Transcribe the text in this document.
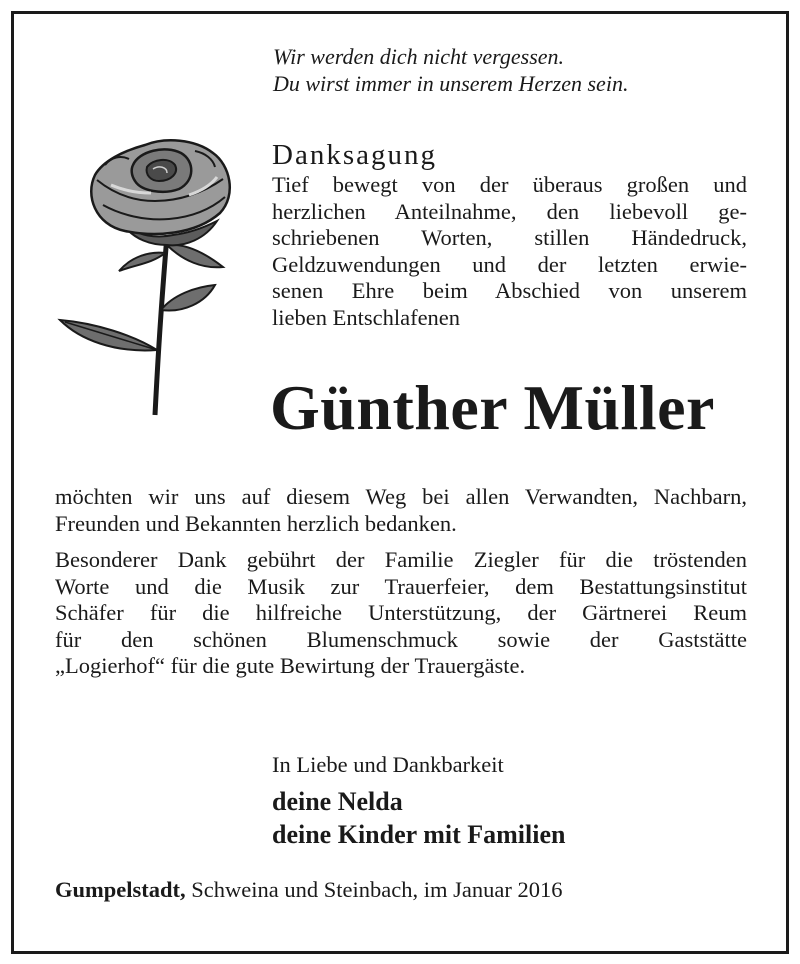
Wir werden dich nicht vergessen.
Du wirst immer in unserem Herzen sein.
Danksagung
Tief bewegt von der überaus großen und
herzlichen Anteilnahme, den liebevoll ge-
schriebenen Worten, stillen Händedruck,
Geldzuwendungen und der letzten erwie-
senen Ehre beim Abschied von unserem
lieben Entschlafenen
Günther Müller
möchten wir uns auf diesem Weg bei allen Verwandten, Nachbarn,
Freunden und Bekannten herzlich bedanken.
Besonderer Dank gebührt der Familie Ziegler für die tröstenden
Worte und die Musik zur Trauerfeier, dem Bestattungsinstitut
Schäfer für die hilfreiche Unterstützung, der Gärtnerei Reum
für den schönen Blumenschmuck sowie der Gaststätte
„Logierhof“ für die gute Bewirtung der Trauergäste.
In Liebe und Dankbarkeit
deine Nelda
deine Kinder mit Familien
Gumpelstadt, Schweina und Steinbach, im Januar 2016
